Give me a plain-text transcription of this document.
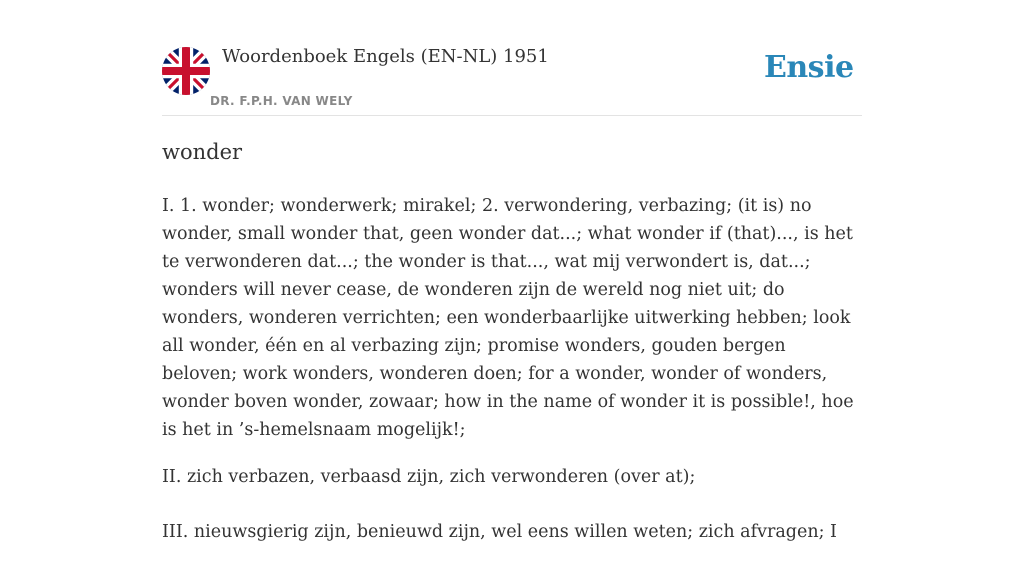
Woordenboek Engels (EN-NL) 1951
DR. F.P.H. VAN WELY
Ensie
wonder

I. 1. wonder; wonderwerk; mirakel; 2. verwondering, verbazing; (it is) no wonder, small wonder that, geen wonder dat...; what wonder if (that)..., is het te verwonderen dat...; the wonder is that..., wat mij verwondert is, dat...; wonders will never cease, de wonderen zijn de wereld nog niet uit; do wonders, wonderen verrichten; een wonderbaarlijke uitwerking hebben; look all wonder, één en al verbazing zijn; promise wonders, gouden bergen beloven; work wonders, wonderen doen; for a wonder, wonder of wonders, wonder boven wonder, zowaar; how in the name of wonder it is possible!, hoe is het in ’s-hemelsnaam mogelijk!;

II. zich verbazen, verbaasd zijn, zich verwonderen (over at);

III. nieuwsgierig zijn, benieuwd zijn, wel eens willen weten; zich afvragen; I
